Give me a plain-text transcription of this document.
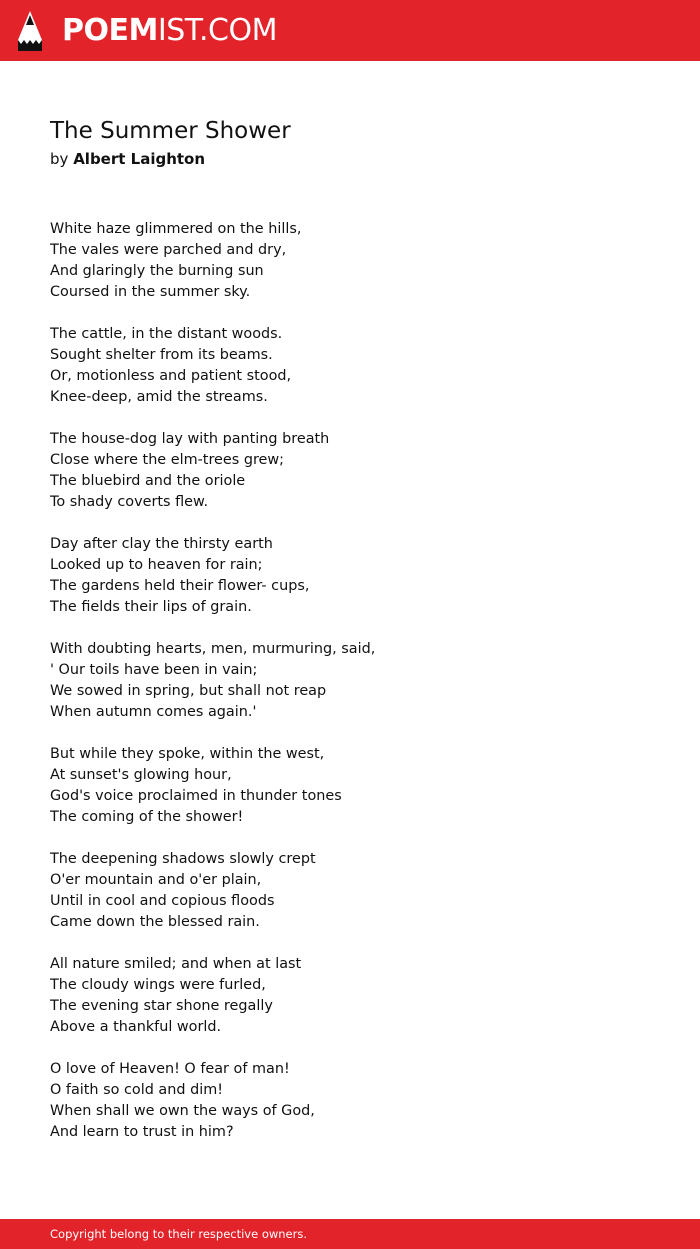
POEMIST.COM
The Summer Shower
by Albert Laighton
White haze glimmered on the hills,
The vales were parched and dry,
And glaringly the burning sun
Coursed in the summer sky.
The cattle, in the distant woods.
Sought shelter from its beams.
Or, motionless and patient stood,
Knee-deep, amid the streams.
The house-dog lay with panting breath
Close where the elm-trees grew;
The bluebird and the oriole
To shady coverts flew.
Day after clay the thirsty earth
Looked up to heaven for rain;
The gardens held their flower- cups,
The fields their lips of grain.
With doubting hearts, men, murmuring, said,
' Our toils have been in vain;
We sowed in spring, but shall not reap
When autumn comes again.'
But while they spoke, within the west,
At sunset's glowing hour,
God's voice proclaimed in thunder tones
The coming of the shower!
The deepening shadows slowly crept
O'er mountain and o'er plain,
Until in cool and copious floods
Came down the blessed rain.
All nature smiled; and when at last
The cloudy wings were furled,
The evening star shone regally
Above a thankful world.
O love of Heaven! O fear of man!
O faith so cold and dim!
When shall we own the ways of God,
And learn to trust in him?
Copyright belong to their respective owners.
